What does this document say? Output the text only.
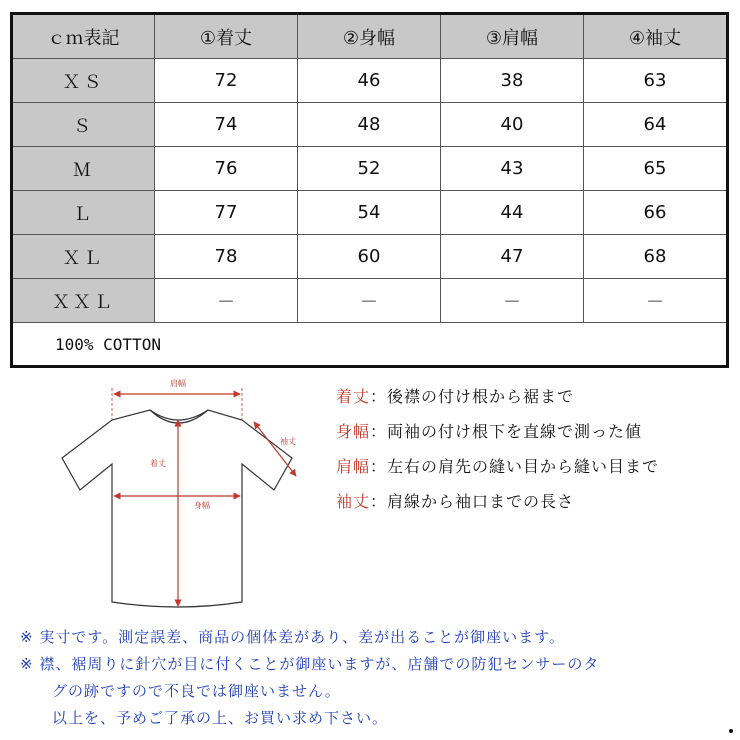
ｃｍ表記	①着丈	②身幅	③肩幅	④袖丈
ＸＳ	72	46	38	63
Ｓ	74	48	40	64
Ｍ	76	52	43	65
Ｌ	77	54	44	66
ＸＬ	78	60	47	68
ＸＸＬ	－	－	－	－
100% COTTON				
肩幅
着丈
袖丈
身幅
着丈：後襟の付け根から裾まで
身幅：両袖の付け根下を直線で測った値
肩幅：左右の肩先の縫い目から縫い目まで
袖丈：肩線から袖口までの長さ
※ 実寸です。測定誤差、商品の個体差があり、差が出ることが御座います。
※ 襟、裾周りに針穴が目に付くことが御座いますが、店舗での防犯センサーのタ
グの跡ですので不良では御座いません。
以上を、予めご了承の上、お買い求め下さい。
